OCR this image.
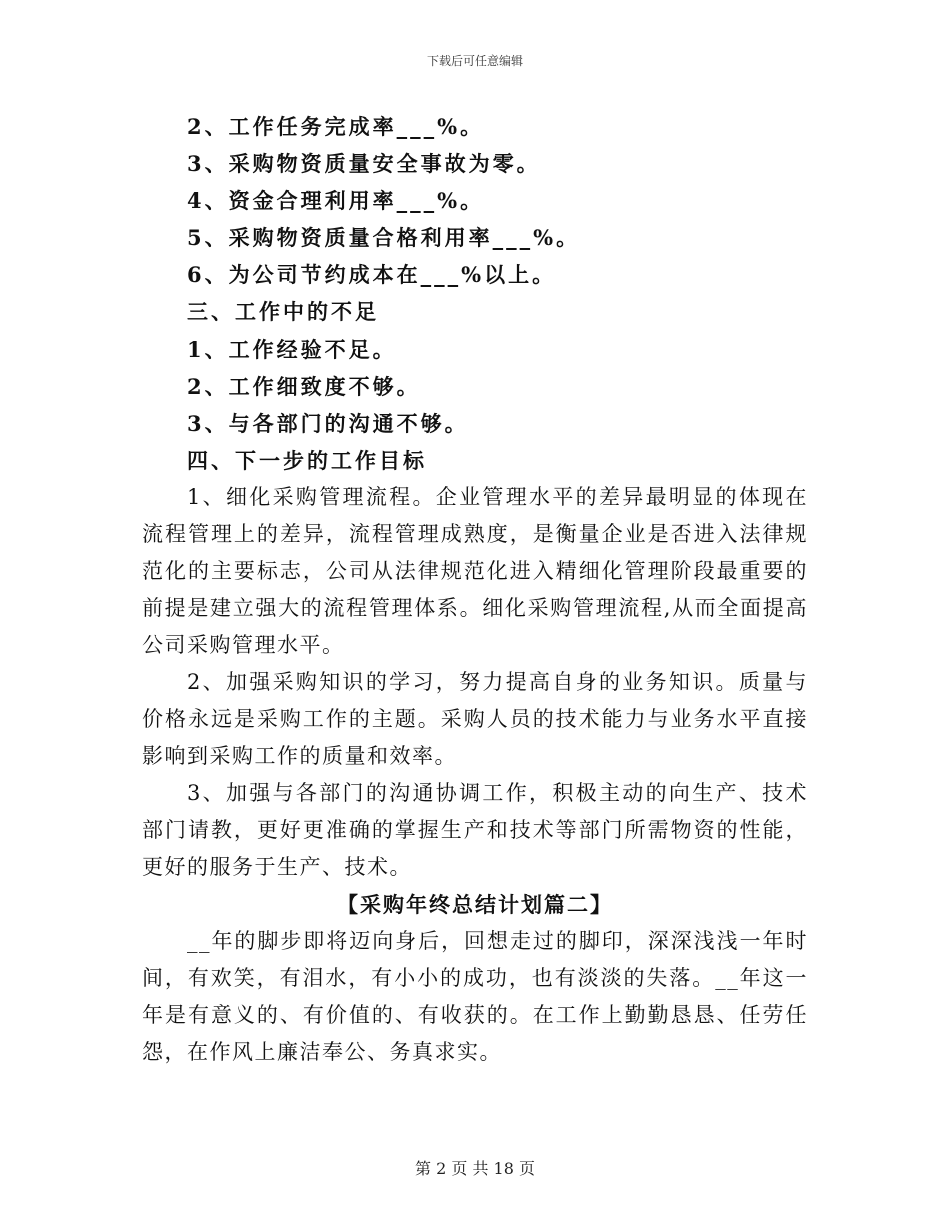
下载后可任意编辑
2、工作任务完成率___%。
3、采购物资质量安全事故为零。
4、资金合理利用率___%。
5、采购物资质量合格利用率___%。
6、为公司节约成本在___%以上。
三、工作中的不足
1、工作经验不足。
2、工作细致度不够。
3、与各部门的沟通不够。
四、下一步的工作目标
1、细化采购管理流程。企业管理水平的差异最明显的体现在流程管理上的差异，流程管理成熟度，是衡量企业是否进入法律规范化的主要标志，公司从法律规范化进入精细化管理阶段最重要的前提是建立强大的流程管理体系。细化采购管理流程,从而全面提高公司采购管理水平。
2、加强采购知识的学习，努力提高自身的业务知识。质量与价格永远是采购工作的主题。采购人员的技术能力与业务水平直接影响到采购工作的质量和效率。
3、加强与各部门的沟通协调工作，积极主动的向生产、技术部门请教，更好更准确的掌握生产和技术等部门所需物资的性能，更好的服务于生产、技术。
【采购年终总结计划篇二】
__年的脚步即将迈向身后，回想走过的脚印，深深浅浅一年时间，有欢笑，有泪水，有小小的成功，也有淡淡的失落。__年这一年是有意义的、有价值的、有收获的。在工作上勤勤恳恳、任劳任怨，在作风上廉洁奉公、务真求实。
第 2 页 共 18 页
